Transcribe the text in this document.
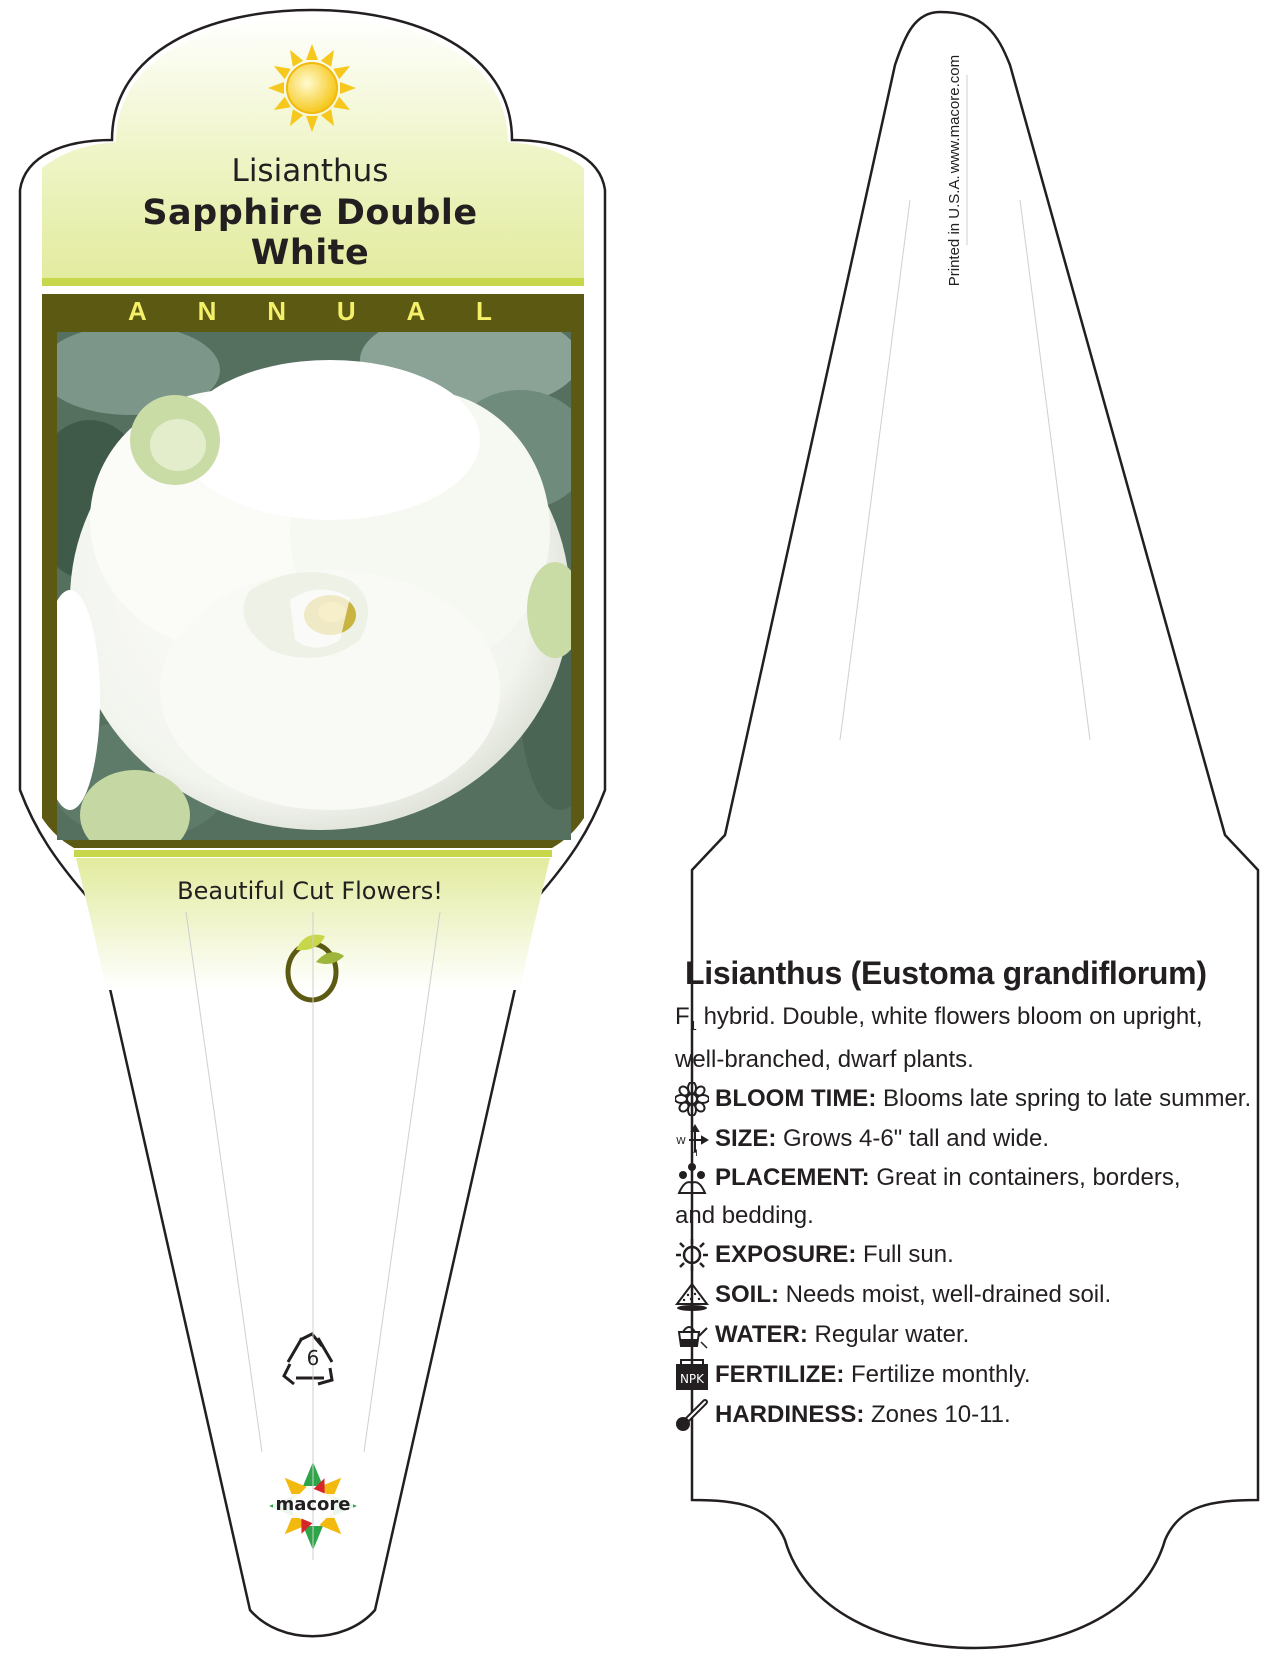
Lisianthus
Sapphire Double
White
A N N U A L
Beautiful Cut Flowers!
6
macore
Printed in U.S.A.
www.macore.com
Lisianthus (Eustoma grandiflorum)

$F_1$ hybrid. Double, white flowers bloom on upright, well-branched, dwarf plants.

BLOOM TIME: Blooms late spring to late summer.
W
H
SIZE: Grows 4-6" tall and wide.
PLACEMENT: Great in containers, borders, and bedding.
EXPOSURE: Full sun.
SOIL: Needs moist, well-drained soil.
WATER: Regular water.
NPK FERTILIZE: Fertilize monthly.
HARDINESS: Zones 10-11.
